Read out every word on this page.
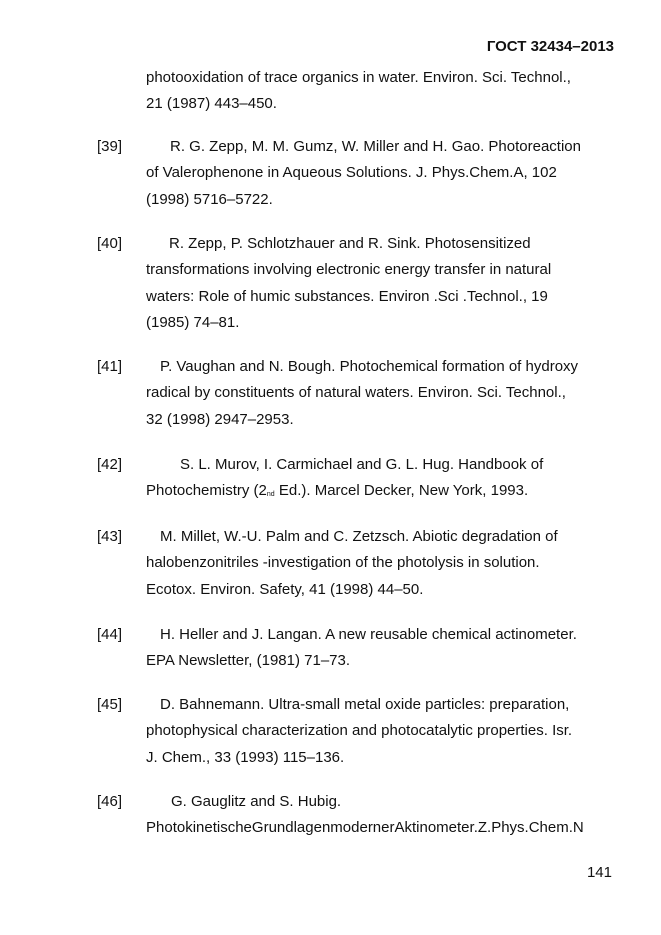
ГОСТ 32434–2013
photooxidation of trace organics in water. Environ. Sci. Technol.,
21 (1987) 443–450.
[39]	R. G. Zepp, M. M. Gumz, W. Miller and H. Gao. Photoreaction
of Valerophenone in Aqueous Solutions. J. Phys.Chem.A, 102
(1998) 5716–5722.
[40]	R. Zepp, P. Schlotzhauer and R. Sink. Photosensitized
transformations involving electronic energy transfer in natural
waters: Role of humic substances. Environ .Sci .Technol., 19
(1985) 74–81.
[41]	P. Vaughan and N. Bough. Photochemical formation of hydroxy
radical by constituents of natural waters. Environ. Sci. Technol.,
32 (1998) 2947–2953.
[42]	S. L. Murov, I. Carmichael and G. L. Hug. Handbook of
Photochemistry ($2_{nd}$ Ed.). Marcel Decker, New York, 1993.
[43]	M. Millet, W.-U. Palm and C. Zetzsch. Abiotic degradation of
halobenzonitriles -investigation of the photolysis in solution.
Ecotox. Environ. Safety, 41 (1998) 44–50.
[44]	H. Heller and J. Langan. A new reusable chemical actinometer.
EPA Newsletter, (1981) 71–73.
[45]	D. Bahnemann. Ultra-small metal oxide particles: preparation,
photophysical characterization and photocatalytic properties. Isr.
J. Chem., 33 (1993) 115–136.
[46]	G. Gauglitz and S. Hubig.
PhotokinetischeGrundlagenmodernerAktinometer.Z.Phys.Chem.N
141
